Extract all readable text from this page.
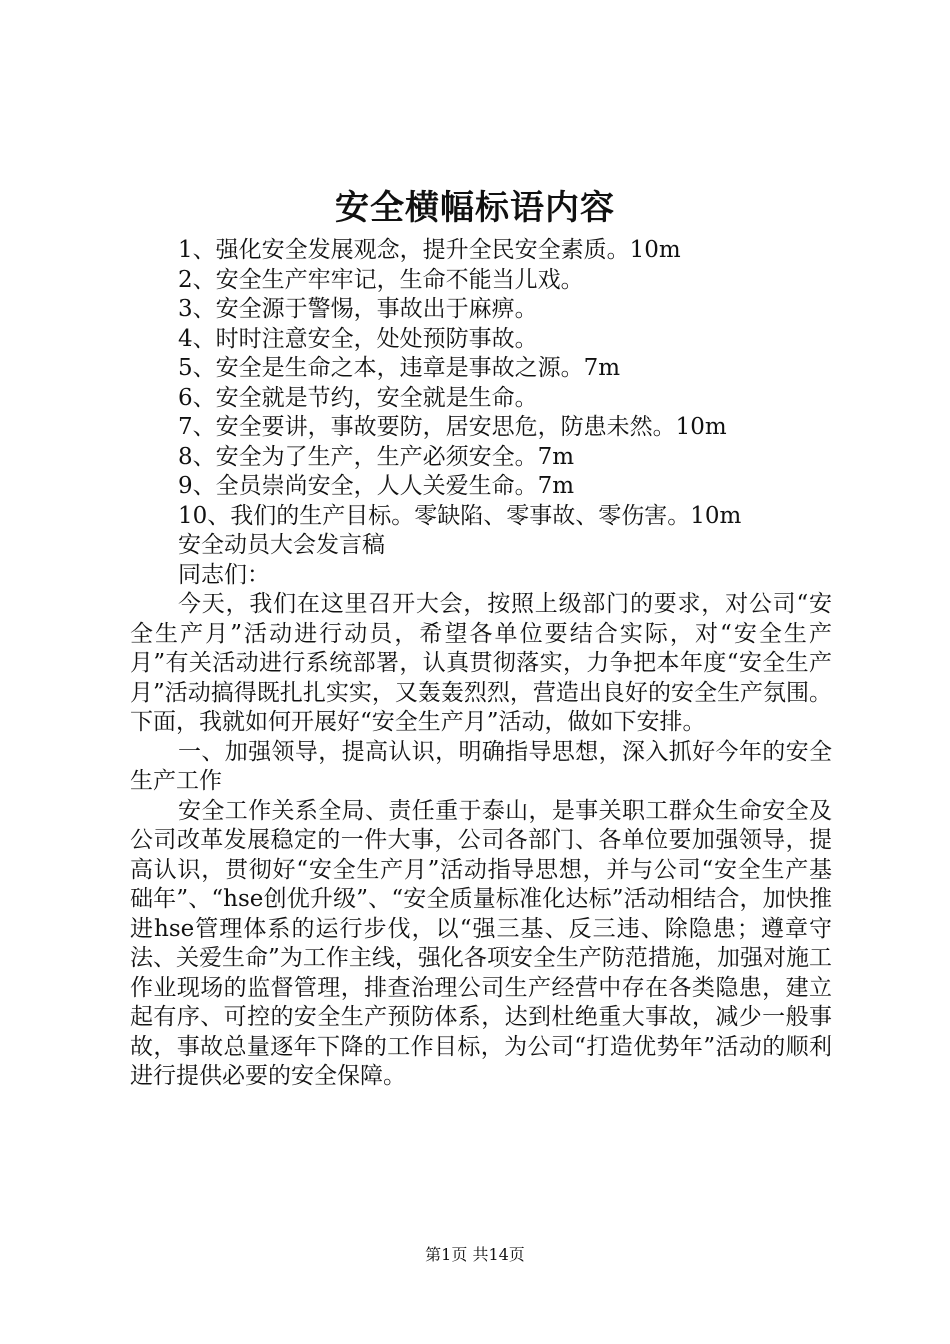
安全横幅标语内容

1、强化安全发展观念，提升全民安全素质。10m

2、安全生产牢牢记，生命不能当儿戏。

3、安全源于警惕，事故出于麻痹。

4、时时注意安全，处处预防事故。

5、安全是生命之本，违章是事故之源。7m

6、安全就是节约，安全就是生命。

7、安全要讲，事故要防，居安思危，防患未然。10m

8、安全为了生产，生产必须安全。7m

9、全员崇尚安全，人人关爱生命。7m

10、我们的生产目标。零缺陷、零事故、零伤害。10m

安全动员大会发言稿

同志们：

今天，我们在这里召开大会，按照上级部门的要求，对公司“安全生产月”活动进行动员，希望各单位要结合实际，对“安全生产月”有关活动进行系统部署，认真贯彻落实，力争把本年度“安全生产月”活动搞得既扎扎实实，又轰轰烈烈，营造出良好的安全生产氛围。下面，我就如何开展好“安全生产月”活动，做如下安排。

一、加强领导，提高认识，明确指导思想，深入抓好今年的安全生产工作

安全工作关系全局、责任重于泰山，是事关职工群众生命安全及公司改革发展稳定的一件大事，公司各部门、各单位要加强领导，提高认识，贯彻好“安全生产月”活动指导思想，并与公司“安全生产基础年”、“hse创优升级”、“安全质量标准化达标”活动相结合，加快推进hse管理体系的运行步伐，以“强三基、反三违、除隐患；遵章守法、关爱生命”为工作主线，强化各项安全生产防范措施，加强对施工作业现场的监督管理，排查治理公司生产经营中存在各类隐患，建立起有序、可控的安全生产预防体系，达到杜绝重大事故，减少一般事故，事故总量逐年下降的工作目标，为公司“打造优势年”活动的顺利进行提供必要的安全保障。

第1页 共14页
